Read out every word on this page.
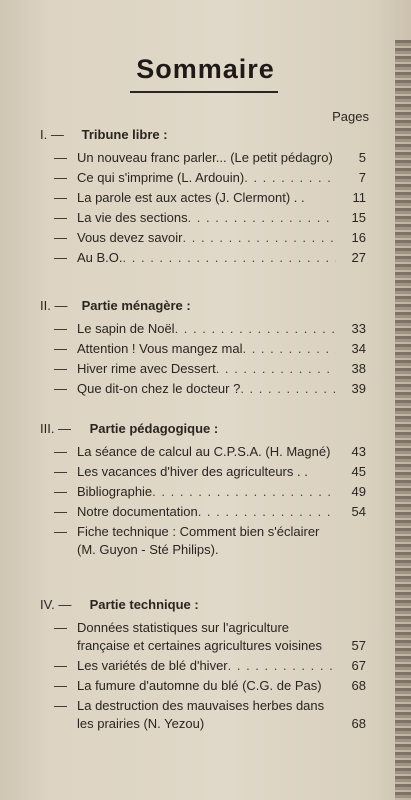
Sommaire
Pages
I. — Tribune libre :
— Un nouveau franc parler... (Le petit pédagro)	5
— Ce qui s'imprime (L. Ardouin) . . .	7
— La parole est aux actes (J. Clermont) . .	11
— La vie des sections . . .	15
— Vous devez savoir . . .	16
— Au B.O. . . .	27
II. — Partie ménagère :
— Le sapin de Noël . . .	33
— Attention ! Vous mangez mal . . .	34
— Hiver rime avec Dessert . . .	38
— Que dit-on chez le docteur ? . . .	39
III. — Partie pédagogique :
— La séance de calcul au C.P.S.A. (H. Magné)	43
— Les vacances d'hiver des agriculteurs . .	45
— Bibliographie . . .	49
— Notre documentation . . .	54
— Fiche technique : Comment bien s'éclairer (M. Guyon - Sté Philips).
IV. — Partie technique :
— Données statistiques sur l'agriculture française et certaines agricultures voisines	57
— Les variétés de blé d'hiver . . .	67
— La fumure d'automne du blé (C.G. de Pas)	68
— La destruction des mauvaises herbes dans les prairies (N. Yezou)	68
